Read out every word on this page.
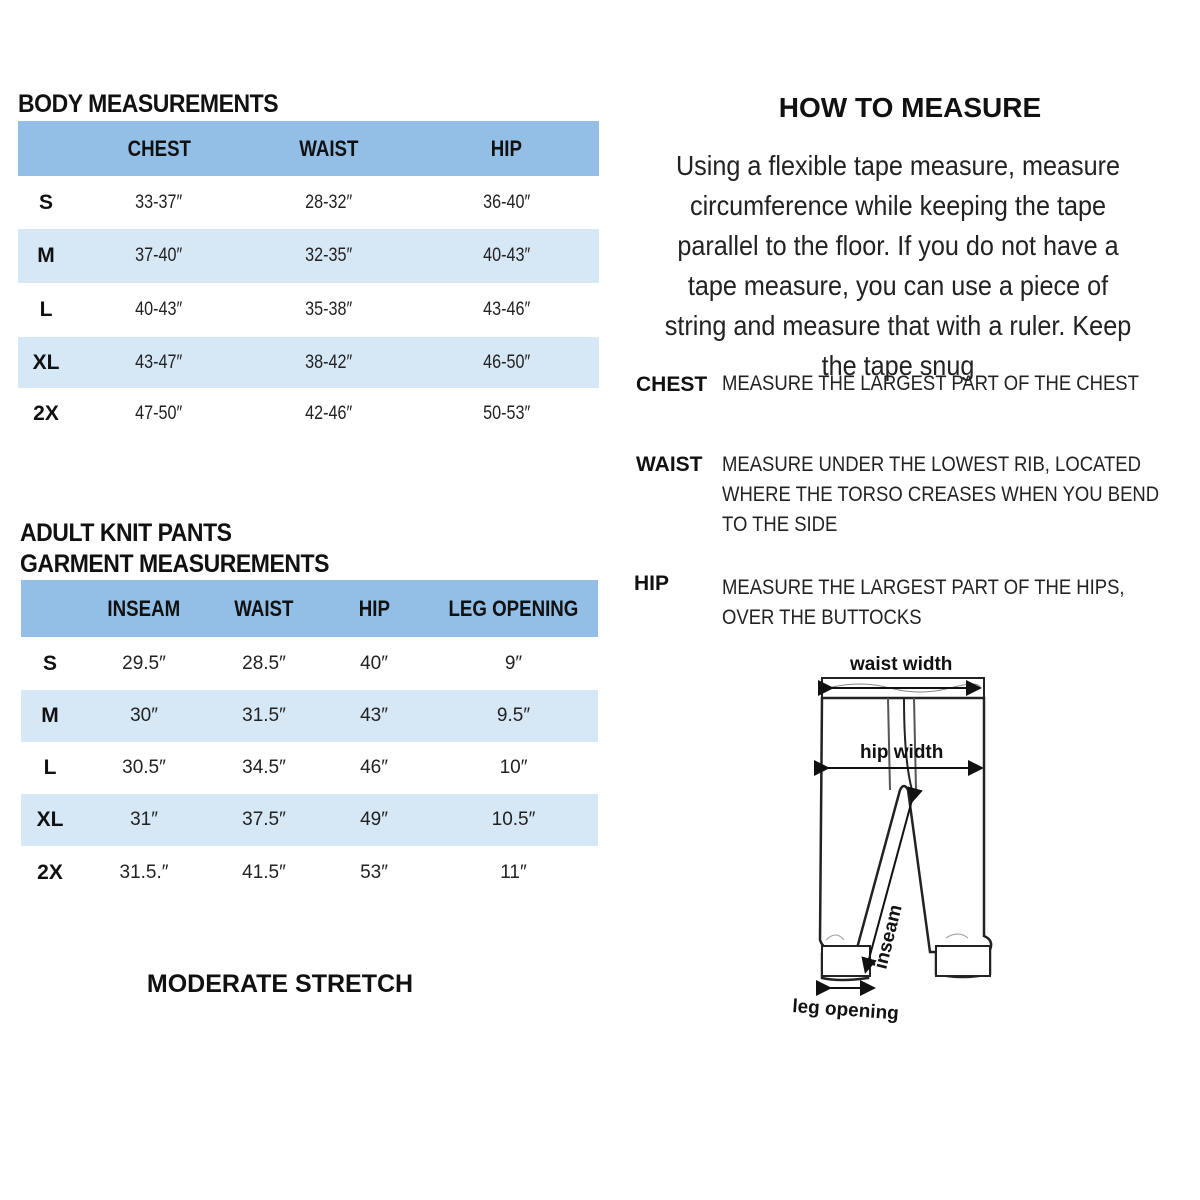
BODY MEASUREMENTS
	CHEST	WAIST	HIP
S	33-37″	28-32″	36-40″
M	37-40″	32-35″	40-43″
L	40-43″	35-38″	43-46″
XL	43-47″	38-42″	46-50″
2X	47-50″	42-46″	50-53″
ADULT KNIT PANTS
GARMENT MEASUREMENTS
	INSEAM	WAIST	HIP	LEG OPENING
S	29.5″	28.5″	40″	9″
M	30″	31.5″	43″	9.5″
L	30.5″	34.5″	46″	10″
XL	31″	37.5″	49″	10.5″
2X	31.5.″	41.5″	53″	11″
MODERATE STRETCH
HOW TO MEASURE
Using a flexible tape measure, measure circumference while keeping the tape parallel to the floor. If you do not have a tape measure, you can use a piece of string and measure that with a ruler. Keep the tape snug
CHEST MEASURE THE LARGEST PART OF THE CHEST
WAIST MEASURE UNDER THE LOWEST RIB, LOCATED WHERE THE TORSO CREASES WHEN YOU BEND TO THE SIDE
HIP	MEASURE THE LARGEST PART OF THE HIPS, OVER THE BUTTOCKS
waist width
hip width
inseam
leg opening
